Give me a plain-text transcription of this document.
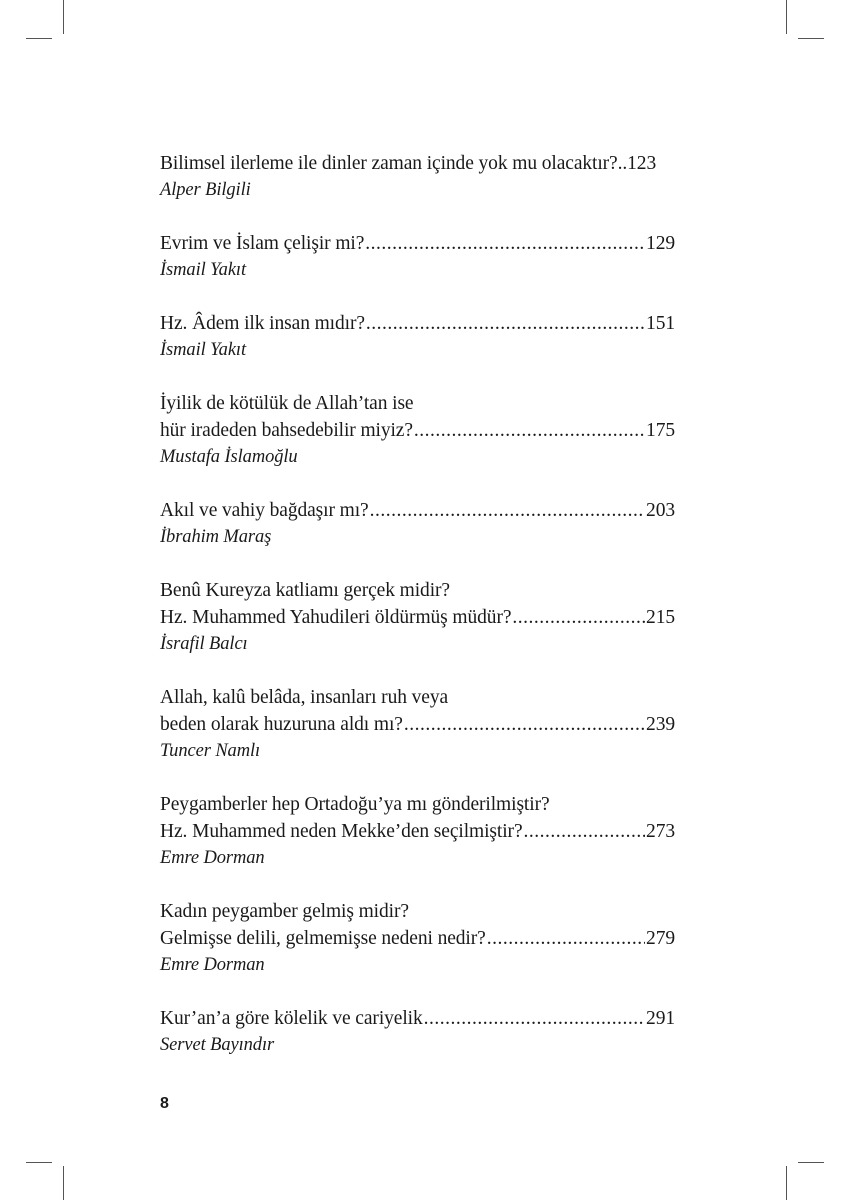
Bilimsel ilerleme ile dinler zaman içinde yok mu olacaktır? ..123
Alper Bilgili
Evrim ve İslam çelişir mi? .....	129
İsmail Yakıt
Hz. Âdem ilk insan mıdır? .....	151
İsmail Yakıt
İyilik de kötülük de Allah’tan ise
hür iradeden bahsedebilir miyiz? .....	175
Mustafa İslamoğlu
Akıl ve vahiy bağdaşır mı? .....	203
İbrahim Maraş
Benû Kureyza katliamı gerçek midir?
Hz. Muhammed Yahudileri öldürmüş müdür? .....	215
İsrafil Balcı
Allah, kalû belâda, insanları ruh veya
beden olarak huzuruna aldı mı? .....	239
Tuncer Namlı
Peygamberler hep Ortadoğu’ya mı gönderilmiştir?
Hz. Muhammed neden Mekke’den seçilmiştir? .....	273
Emre Dorman
Kadın peygamber gelmiş midir?
Gelmişse delili, gelmemişse nedeni nedir? .....	279
Emre Dorman
Kur’an’a göre kölelik ve cariyelik .....	291
Servet Bayındır
8
